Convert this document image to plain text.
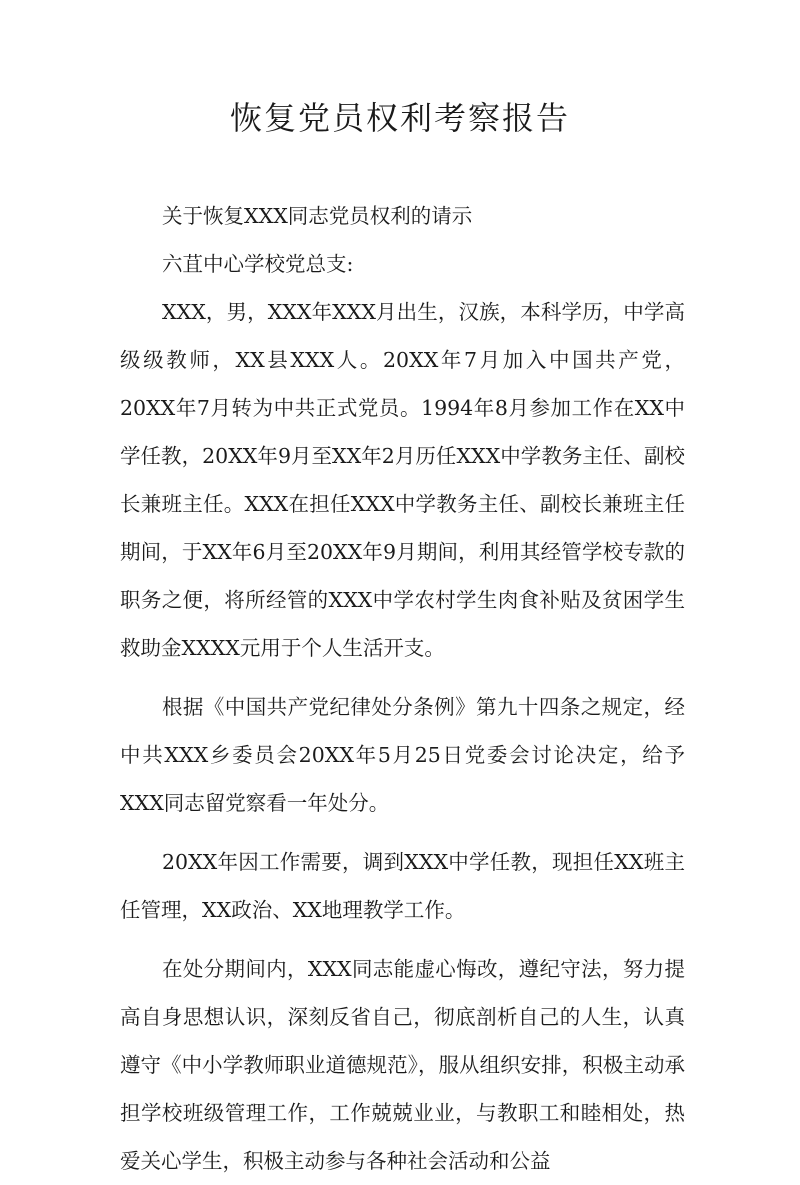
恢复党员权利考察报告

关于恢复XXX同志党员权利的请示

六苴中心学校党总支:

XXX，男，XXX年XXX月出生，汉族，本科学历，中学高级级教师，XX县XXX人。20XX年7月加入中国共产党，20XX年7月转为中共正式党员。1994年8月参加工作在XX中学任教，20XX年9月至XX年2月历任XXX中学教务主任、副校长兼班主任。XXX在担任XXX中学教务主任、副校长兼班主任期间，于XX年6月至20XX年9月期间，利用其经管学校专款的职务之便，将所经管的XXX中学农村学生肉食补贴及贫困学生救助金XXXX元用于个人生活开支。

根据《中国共产党纪律处分条例》第九十四条之规定，经中共XXX乡委员会20XX年5月25日党委会讨论决定，给予XXX同志留党察看一年处分。

20XX年因工作需要，调到XXX中学任教，现担任XX班主任管理，XX政治、XX地理教学工作。

在处分期间内，XXX同志能虚心悔改，遵纪守法，努力提高自身思想认识，深刻反省自己，彻底剖析自己的人生，认真遵守《中小学教师职业道德规范》，服从组织安排，积极主动承担学校班级管理工作，工作兢兢业业，与教职工和睦相处，热爱关心学生，积极主动参与各种社会活动和公益
